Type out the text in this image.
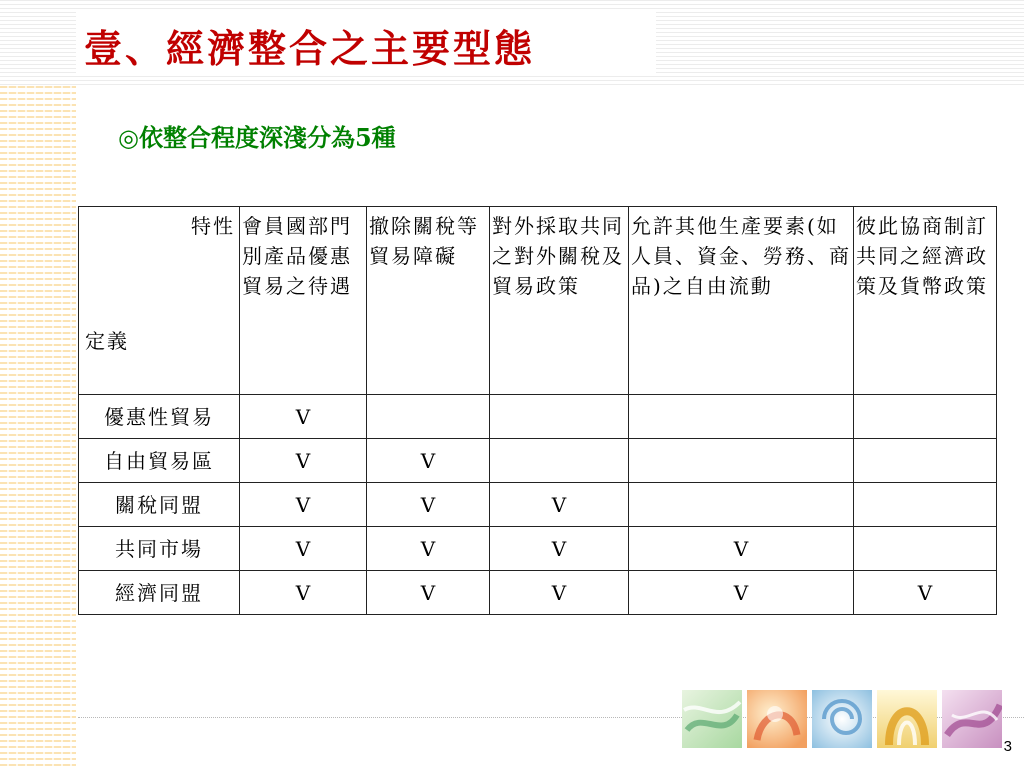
壹、經濟整合之主要型態
◎依整合程度深淺分為5種
特性
定義	會員國部門別產品優惠貿易之待遇	撤除關稅等貿易障礙	對外採取共同之對外關稅及貿易政策	允許其他生產要素(如人員、資金、勞務、商品)之自由流動	彼此協商制訂共同之經濟政策及貨幣政策
優惠性貿易	V				
自由貿易區	V	V			
關稅同盟	V	V	V		
共同市場	V	V	V	V	
經濟同盟	V	V	V	V	V
3
